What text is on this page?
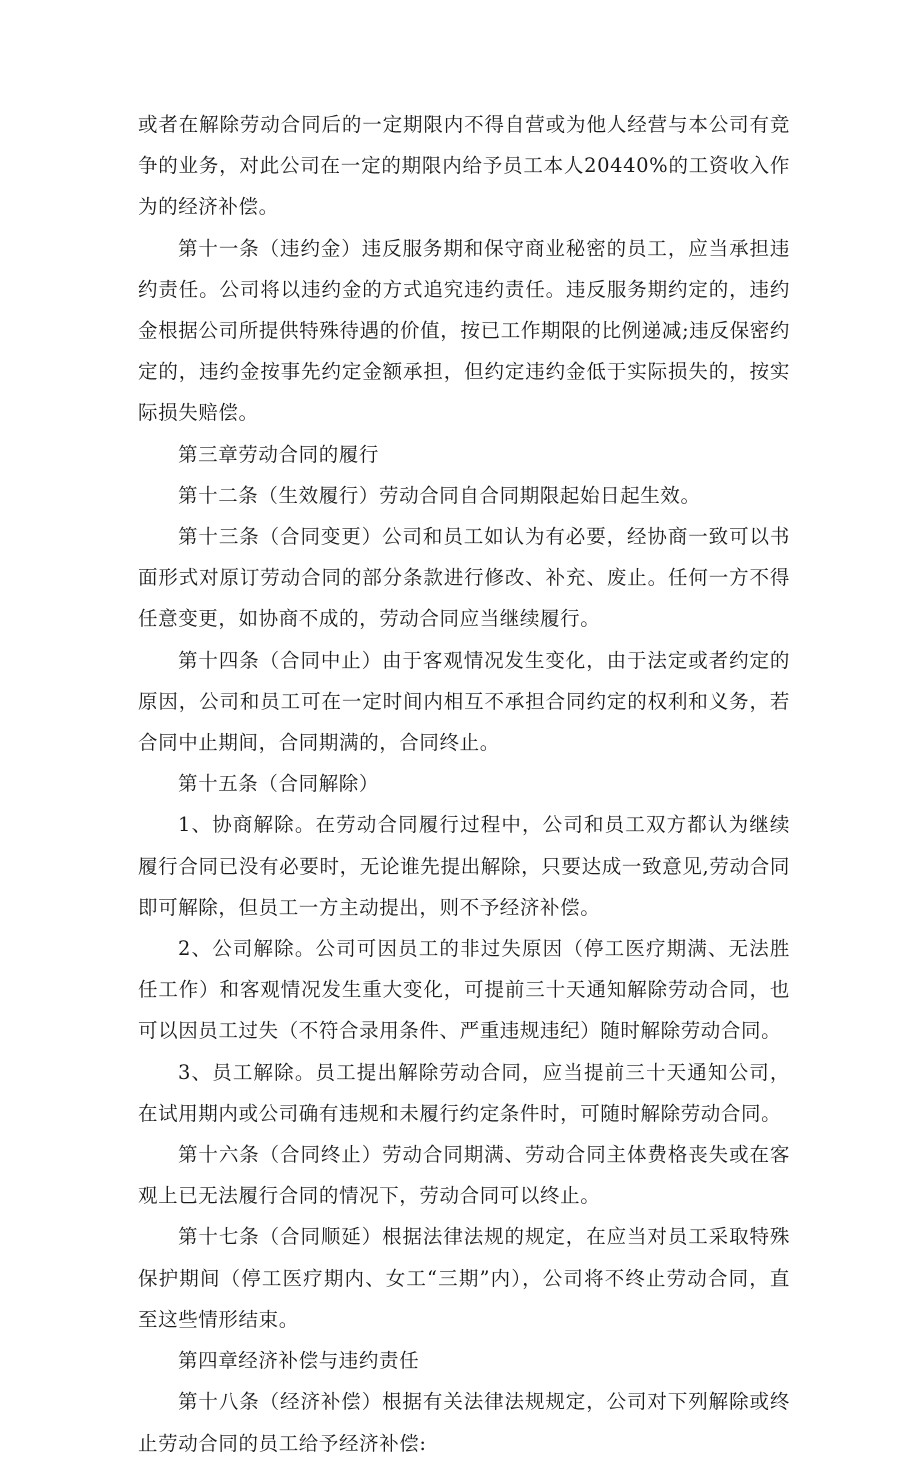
或者在解除劳动合同后的一定期限内不得自营或为他人经营与本公司有竞争的业务，对此公司在一定的期限内给予员工本人20440%的工资收入作为的经济补偿。

第十一条（违约金）违反服务期和保守商业秘密的员工，应当承担违约责任。公司将以违约金的方式追究违约责任。违反服务期约定的，违约金根据公司所提供特殊待遇的价值，按已工作期限的比例递减;违反保密约定的，违约金按事先约定金额承担，但约定违约金低于实际损失的，按实际损失赔偿。

第三章劳动合同的履行

第十二条（生效履行）劳动合同自合同期限起始日起生效。

第十三条（合同变更）公司和员工如认为有必要，经协商一致可以书面形式对原订劳动合同的部分条款进行修改、补充、废止。任何一方不得任意变更，如协商不成的，劳动合同应当继续履行。

第十四条（合同中止）由于客观情况发生变化，由于法定或者约定的原因，公司和员工可在一定时间内相互不承担合同约定的权利和义务，若合同中止期间，合同期满的，合同终止。

第十五条（合同解除）

1、协商解除。在劳动合同履行过程中，公司和员工双方都认为继续履行合同已没有必要时，无论谁先提出解除，只要达成一致意见,劳动合同即可解除，但员工一方主动提出，则不予经济补偿。

2、公司解除。公司可因员工的非过失原因（停工医疗期满、无法胜任工作）和客观情况发生重大变化，可提前三十天通知解除劳动合同，也可以因员工过失（不符合录用条件、严重违规违纪）随时解除劳动合同。

3、员工解除。员工提出解除劳动合同，应当提前三十天通知公司，在试用期内或公司确有违规和未履行约定条件时，可随时解除劳动合同。

第十六条（合同终止）劳动合同期满、劳动合同主体费格丧失或在客观上已无法履行合同的情况下，劳动合同可以终止。

第十七条（合同顺延）根据法律法规的规定，在应当对员工采取特殊保护期间（停工医疗期内、女工“三期”内），公司将不终止劳动合同，直至这些情形结束。

第四章经济补偿与违约责任

第十八条（经济补偿）根据有关法律法规规定，公司对下列解除或终止劳动合同的员工给予经济补偿:
